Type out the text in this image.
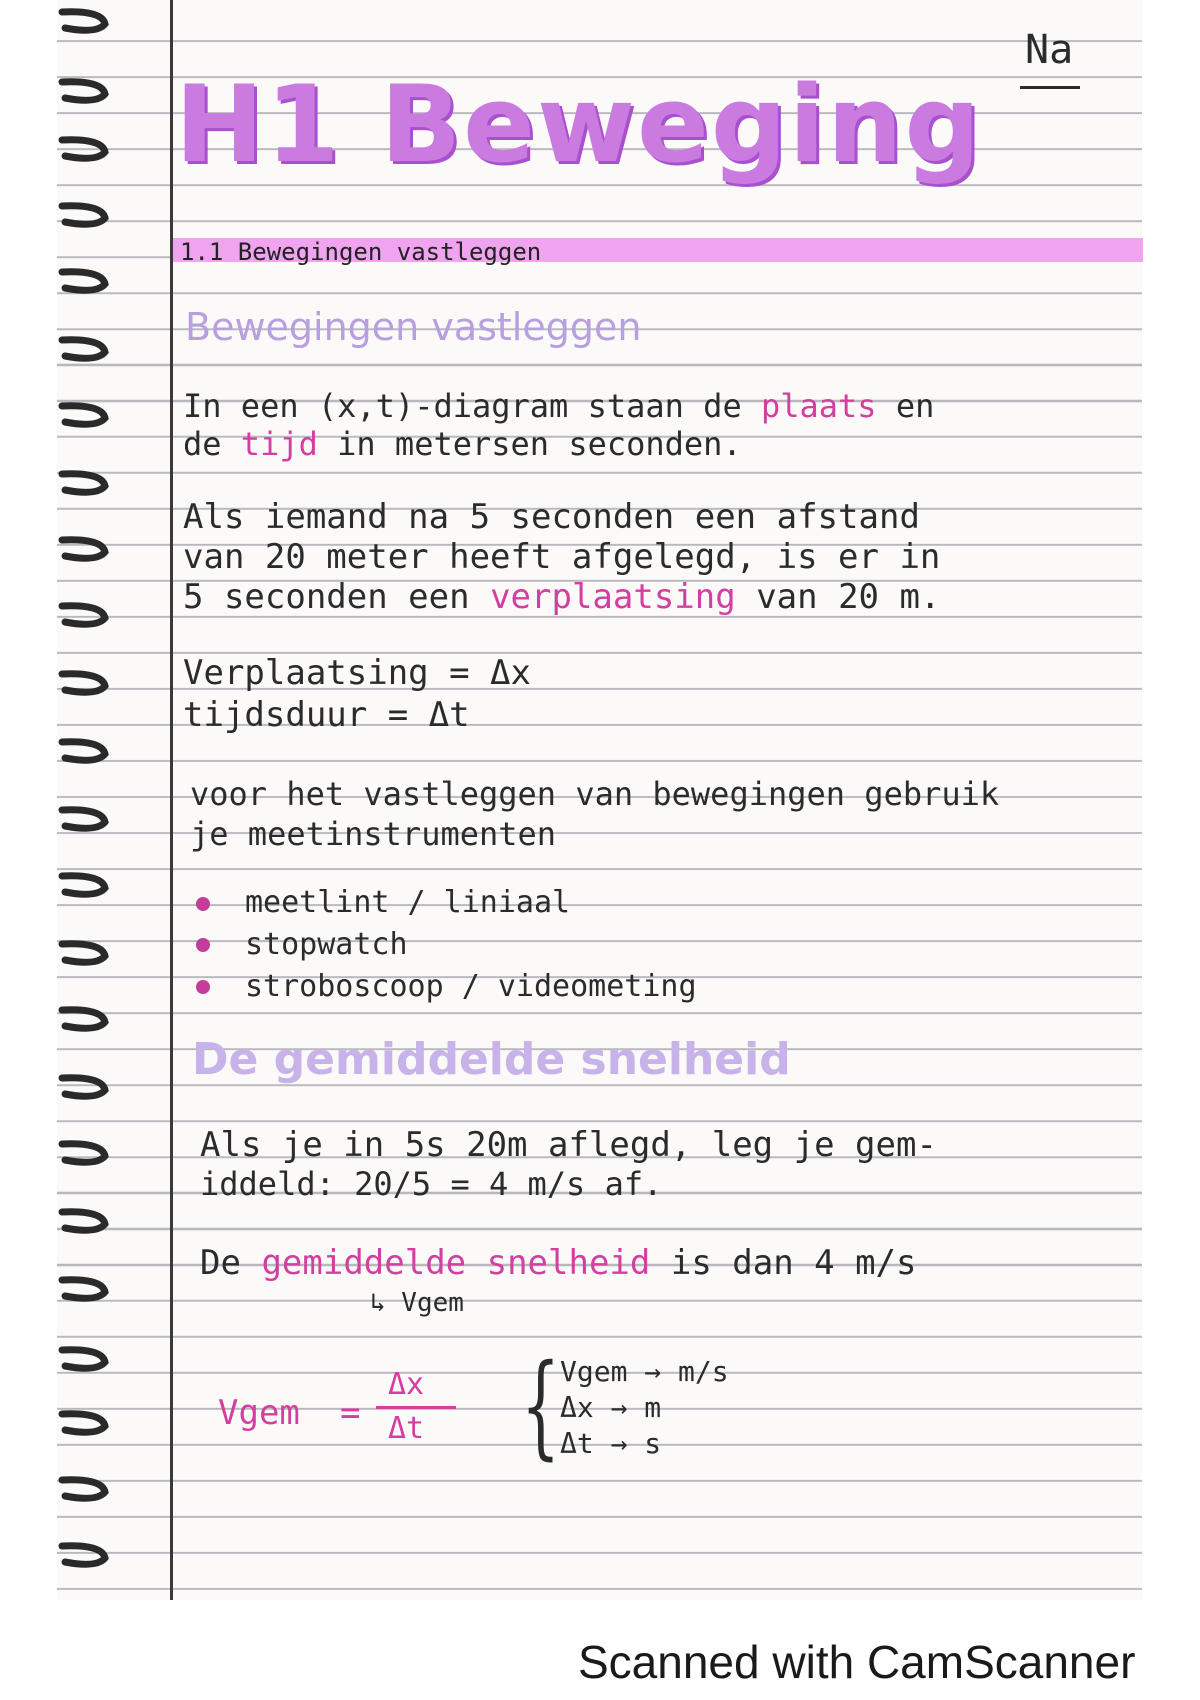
Na
H1 Beweging
1.1 Bewegingen vastleggen
Bewegingen vastleggen
In een (x,t)-diagram staan de plaats en
de tijd in metersen seconden.
Als iemand na 5 seconden een afstand
van 20 meter heeft afgelegd, is er in
5 seconden een verplaatsing van 20 m.
Verplaatsing = Δx
tijdsduur = Δt
voor het vastleggen van bewegingen gebruik
je meetinstrumenten
meetlint / liniaal
stopwatch
stroboscoop / videometing
De gemiddelde snelheid
Als je in 5s 20m aflegd, leg je gem-
iddeld: 20/5 = 4 m/s af.
De gemiddelde snelheid is dan 4 m/s
↳ Vgem
Vgem =
Δx
Δt { Vgem → m/s
Δx → m
Δt → s
Scanned with CamScanner
